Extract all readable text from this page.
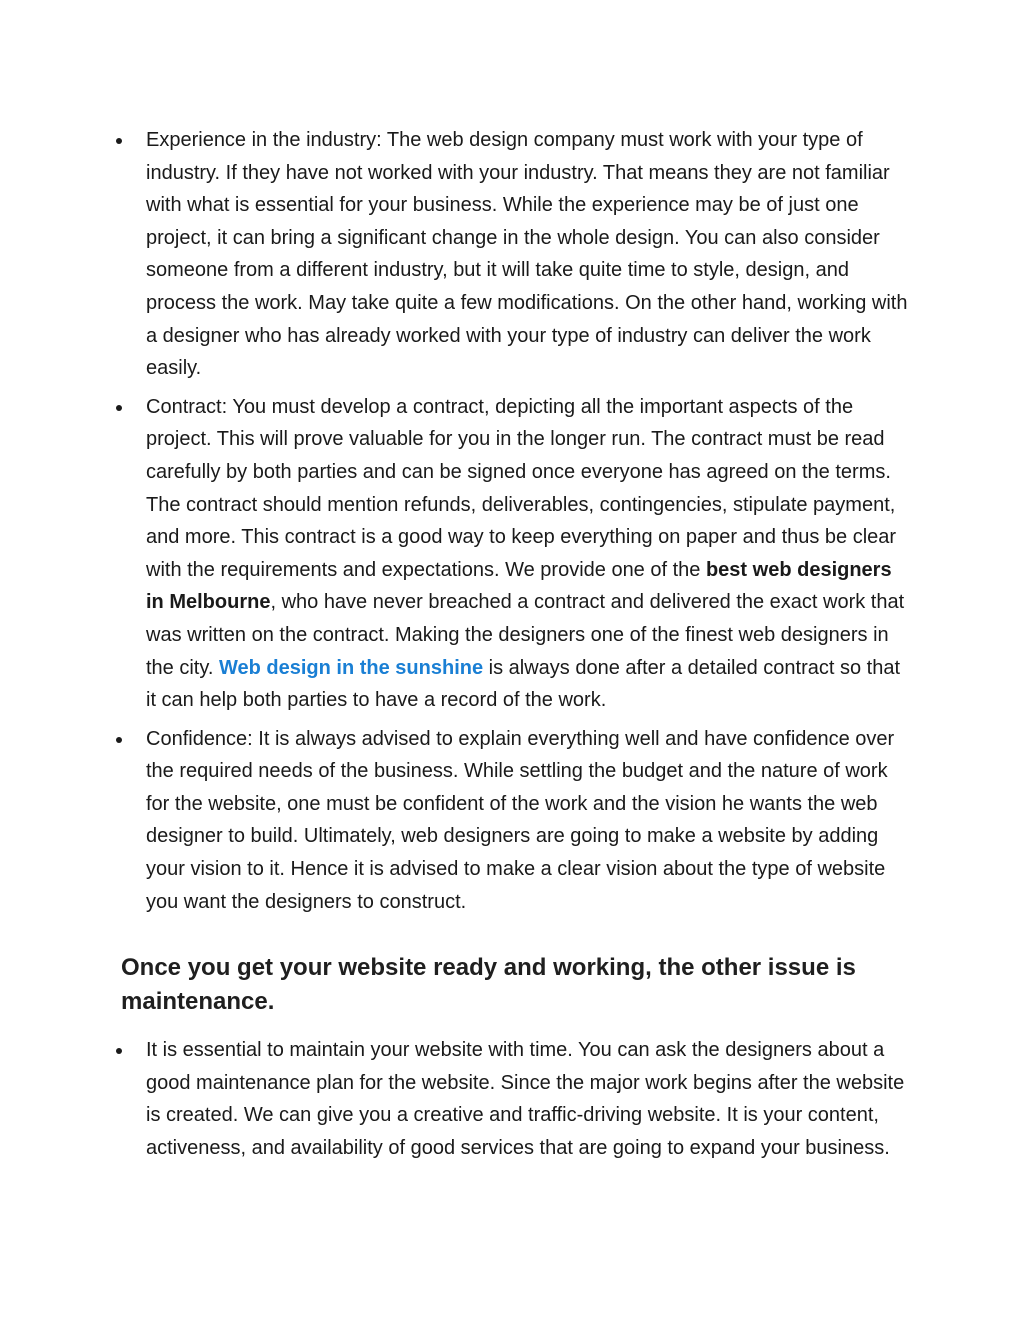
Experience in the industry: The web design company must work with your type of industry. If they have not worked with your industry. That means they are not familiar with what is essential for your business. While the experience may be of just one project, it can bring a significant change in the whole design. You can also consider someone from a different industry, but it will take quite time to style, design, and process the work. May take quite a few modifications. On the other hand, working with a designer who has already worked with your type of industry can deliver the work easily.
Contract: You must develop a contract, depicting all the important aspects of the project. This will prove valuable for you in the longer run. The contract must be read carefully by both parties and can be signed once everyone has agreed on the terms. The contract should mention refunds, deliverables, contingencies, stipulate payment, and more. This contract is a good way to keep everything on paper and thus be clear with the requirements and expectations. We provide one of the best web designers in Melbourne, who have never breached a contract and delivered the exact work that was written on the contract. Making the designers one of the finest web designers in the city. Web design in the sunshine is always done after a detailed contract so that it can help both parties to have a record of the work.
Confidence: It is always advised to explain everything well and have confidence over the required needs of the business. While settling the budget and the nature of work for the website, one must be confident of the work and the vision he wants the web designer to build. Ultimately, web designers are going to make a website by adding your vision to it. Hence it is advised to make a clear vision about the type of website you want the designers to construct.
Once you get your website ready and working, the other issue is maintenance.
It is essential to maintain your website with time. You can ask the designers about a good maintenance plan for the website. Since the major work begins after the website is created. We can give you a creative and traffic-driving website. It is your content, activeness, and availability of good services that are going to expand your business.
